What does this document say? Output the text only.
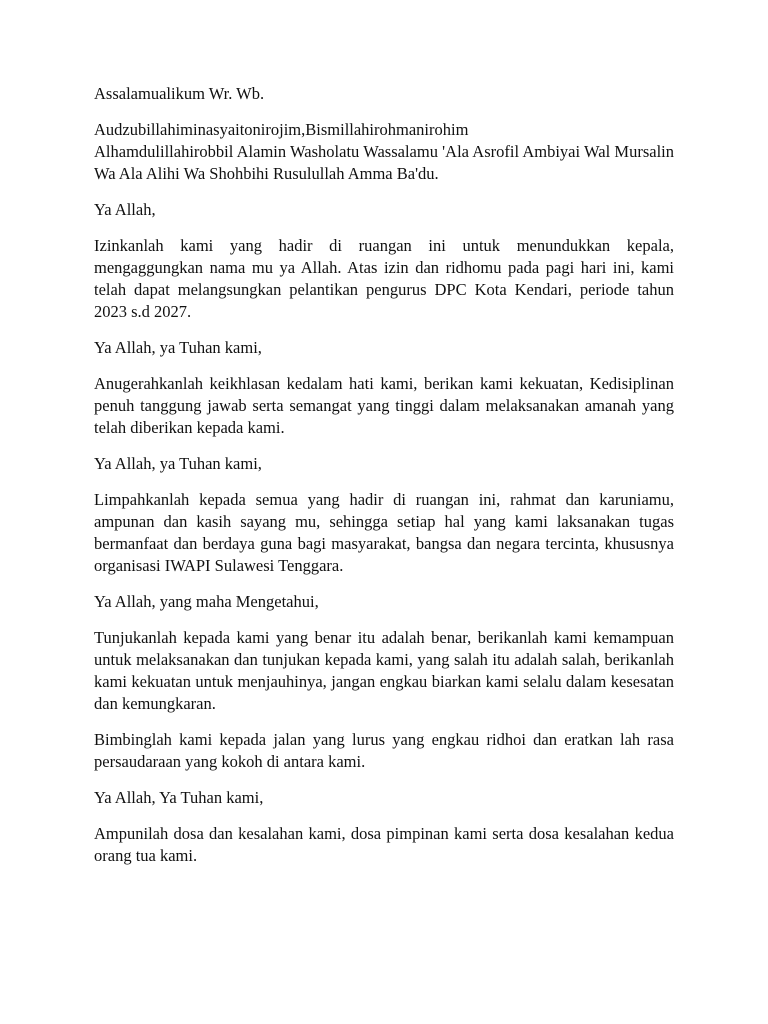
Assalamualikum Wr. Wb.

Audzubillahiminasyaitonirojim,Bismillahirohmanirohim
Alhamdulillahirobbil Alamin Washolatu Wassalamu 'Ala Asrofil Ambiyai Wal Mursalin Wa Ala Alihi Wa Shohbihi Rusulullah Amma Ba'du.

Ya Allah,

Izinkanlah kami yang hadir di ruangan ini untuk menundukkan kepala, mengaggungkan nama mu ya Allah. Atas izin dan ridhomu pada pagi hari ini, kami telah dapat melangsungkan pelantikan pengurus DPC Kota Kendari, periode tahun 2023 s.d 2027.

Ya Allah, ya Tuhan kami,

Anugerahkanlah keikhlasan kedalam hati kami, berikan kami kekuatan, Kedisiplinan penuh tanggung jawab serta semangat yang tinggi dalam melaksanakan amanah yang telah diberikan kepada kami.

Ya Allah, ya Tuhan kami,

Limpahkanlah kepada semua yang hadir di ruangan ini, rahmat dan karuniamu, ampunan dan kasih sayang mu, sehingga setiap hal yang kami laksanakan tugas bermanfaat dan berdaya guna bagi masyarakat, bangsa dan negara tercinta, khususnya organisasi IWAPI Sulawesi Tenggara.

Ya Allah, yang maha Mengetahui,

Tunjukanlah kepada kami yang benar itu adalah benar, berikanlah kami kemampuan untuk melaksanakan dan tunjukan kepada kami, yang salah itu adalah salah, berikanlah kami kekuatan untuk menjauhinya, jangan engkau biarkan kami selalu dalam kesesatan dan kemungkaran.

Bimbinglah kami kepada jalan yang lurus yang engkau ridhoi dan eratkan lah rasa persaudaraan yang kokoh di antara kami.

Ya Allah, Ya Tuhan kami,

Ampunilah dosa dan kesalahan kami, dosa pimpinan kami serta dosa kesalahan kedua orang tua kami.
